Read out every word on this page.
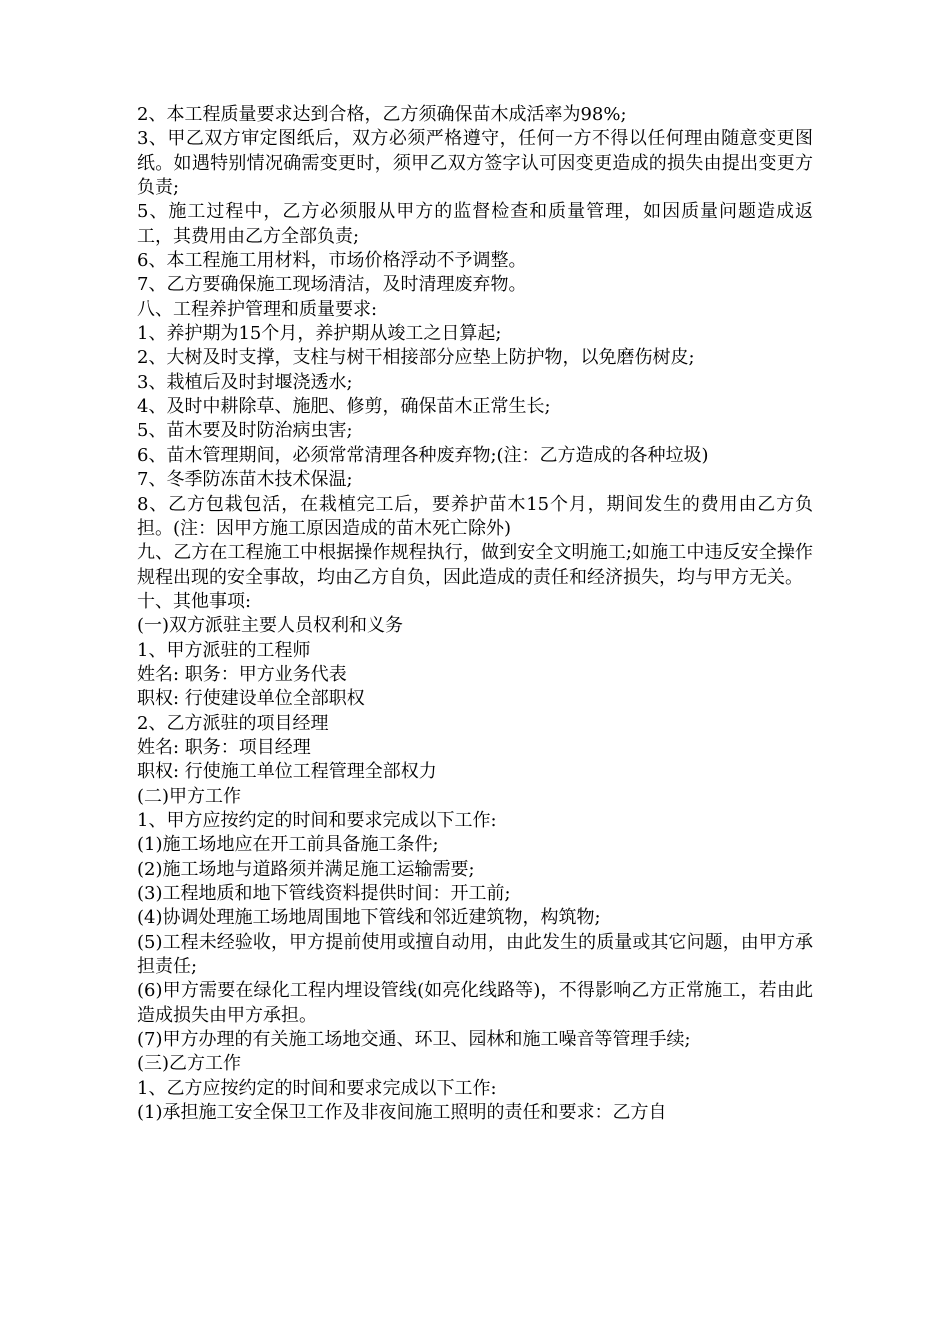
2、本工程质量要求达到合格，乙方须确保苗木成活率为98%;

3、甲乙双方审定图纸后，双方必须严格遵守，任何一方不得以任何理由随意变更图纸。如遇特别情况确需变更时，须甲乙双方签字认可因变更造成的损失由提出变更方负责;

5、施工过程中，乙方必须服从甲方的监督检查和质量管理，如因质量问题造成返工，其费用由乙方全部负责;

6、本工程施工用材料，市场价格浮动不予调整。

7、乙方要确保施工现场清洁，及时清理废弃物。

八、工程养护管理和质量要求:

1、养护期为15个月，养护期从竣工之日算起;

2、大树及时支撑，支柱与树干相接部分应垫上防护物，以免磨伤树皮;

3、栽植后及时封堰浇透水;

4、及时中耕除草、施肥、修剪，确保苗木正常生长;

5、苗木要及时防治病虫害;

6、苗木管理期间，必须常常清理各种废弃物;(注：乙方造成的各种垃圾)

7、冬季防冻苗木技术保温;

8、乙方包栽包活，在栽植完工后，要养护苗木15个月，期间发生的费用由乙方负担。(注：因甲方施工原因造成的苗木死亡除外)

九、乙方在工程施工中根据操作规程执行，做到安全文明施工;如施工中违反安全操作规程出现的安全事故，均由乙方自负，因此造成的责任和经济损失，均与甲方无关。

十、其他事项:

(一)双方派驻主要人员权利和义务

1、甲方派驻的工程师

姓名: 职务：甲方业务代表

职权: 行使建设单位全部职权

2、乙方派驻的项目经理

姓名: 职务：项目经理

职权: 行使施工单位工程管理全部权力

(二)甲方工作

1、甲方应按约定的时间和要求完成以下工作:

(1)施工场地应在开工前具备施工条件;

(2)施工场地与道路须并满足施工运输需要;

(3)工程地质和地下管线资料提供时间：开工前;

(4)协调处理施工场地周围地下管线和邻近建筑物，构筑物;

(5)工程未经验收，甲方提前使用或擅自动用，由此发生的质量或其它问题，由甲方承担责任;

(6)甲方需要在绿化工程内埋设管线(如亮化线路等)，不得影响乙方正常施工，若由此造成损失由甲方承担。

(7)甲方办理的有关施工场地交通、环卫、园林和施工噪音等管理手续;

(三)乙方工作

1、乙方应按约定的时间和要求完成以下工作:

(1)承担施工安全保卫工作及非夜间施工照明的责任和要求：乙方自
